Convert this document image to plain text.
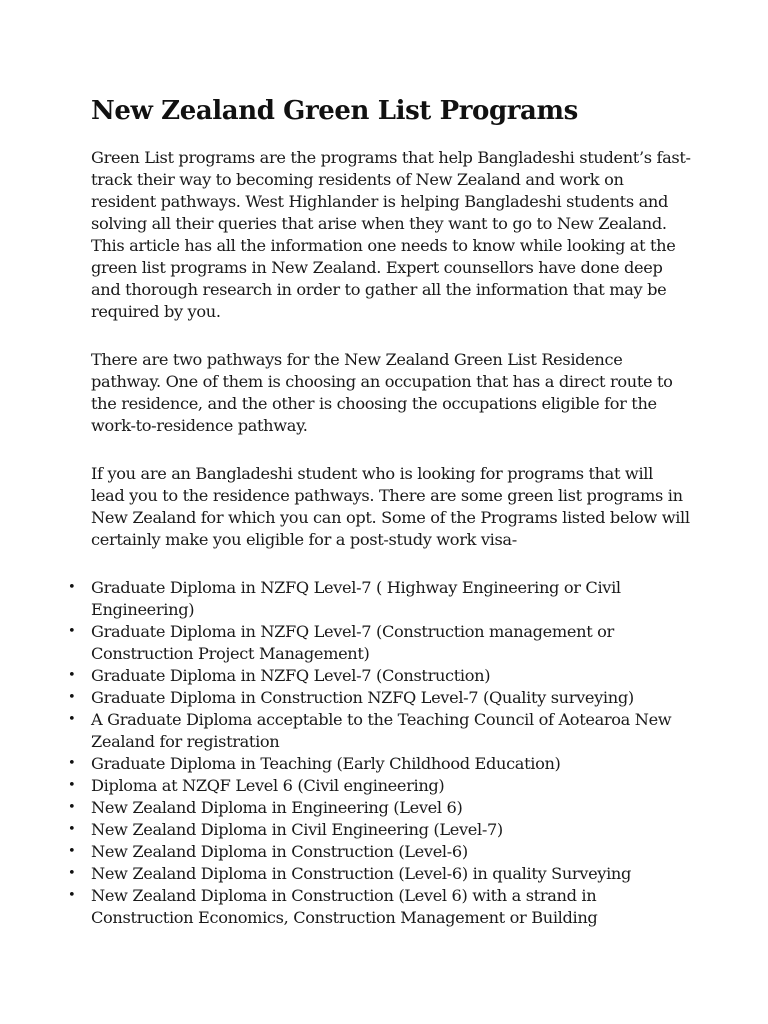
New Zealand Green List Programs

Green List programs are the programs that help Bangladeshi student’s fast-track their way to becoming residents of New Zealand and work on resident pathways. West Highlander is helping Bangladeshi students and solving all their queries that arise when they want to go to New Zealand. This article has all the information one needs to know while looking at the green list programs in New Zealand. Expert counsellors have done deep and thorough research in order to gather all the information that may be required by you.

There are two pathways for the New Zealand Green List Residence pathway. One of them is choosing an occupation that has a direct route to the residence, and the other is choosing the occupations eligible for the work-to-residence pathway.

If you are an Bangladeshi student who is looking for programs that will lead you to the residence pathways. There are some green list programs in New Zealand for which you can opt. Some of the Programs listed below will certainly make you eligible for a post-study work visa-

• Graduate Diploma in NZFQ Level-7 ( Highway Engineering or Civil Engineering)
• Graduate Diploma in NZFQ Level-7 (Construction management or Construction Project Management)
• Graduate Diploma in NZFQ Level-7 (Construction)
• Graduate Diploma in Construction NZFQ Level-7 (Quality surveying)
• A Graduate Diploma acceptable to the Teaching Council of Aotearoa New Zealand for registration
• Graduate Diploma in Teaching (Early Childhood Education)
• Diploma at NZQF Level 6 (Civil engineering)
• New Zealand Diploma in Engineering (Level 6)
• New Zealand Diploma in Civil Engineering (Level-7)
• New Zealand Diploma in Construction (Level-6)
• New Zealand Diploma in Construction (Level-6) in quality Surveying
• New Zealand Diploma in Construction (Level 6) with a strand in Construction Economics, Construction Management or Building
